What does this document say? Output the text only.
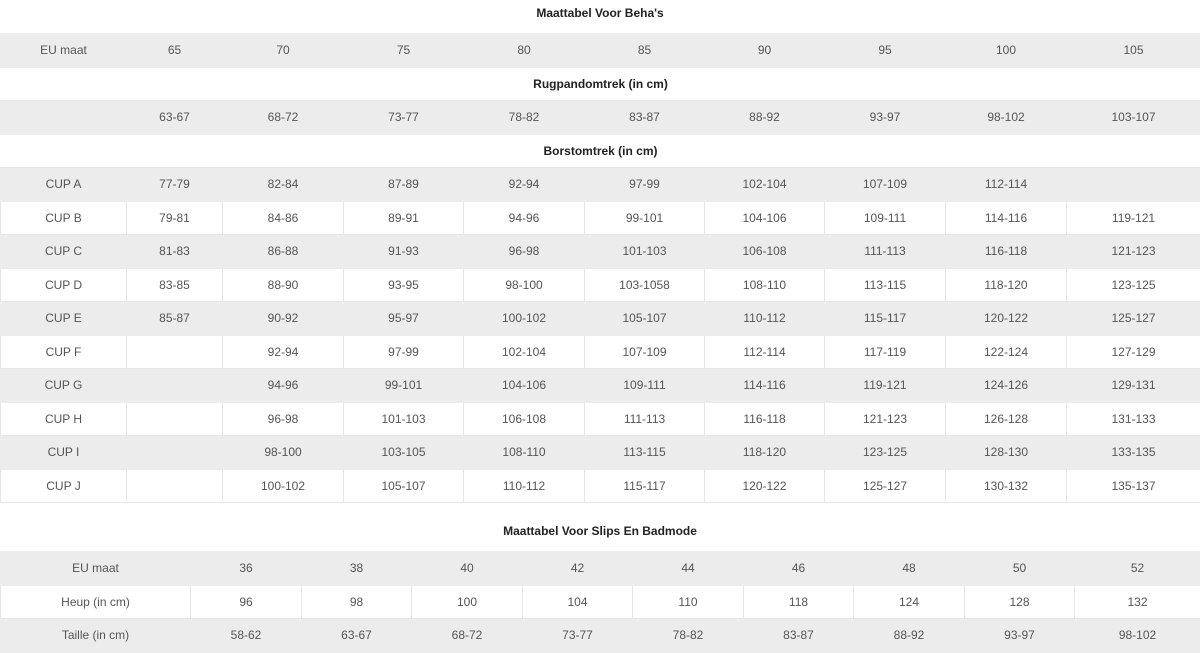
Maattabel Voor Beha's
EU maat	65	70	75	80	85	90	95	100	105
Rugpandomtrek (in cm)									
	63-67	68-72	73-77	78-82	83-87	88-92	93-97	98-102	103-107
Borstomtrek (in cm)									
CUP A	77-79	82-84	87-89	92-94	97-99	102-104	107-109	112-114	
CUP B	79-81	84-86	89-91	94-96	99-101	104-106	109-111	114-116	119-121
CUP C	81-83	86-88	91-93	96-98	101-103	106-108	111-113	116-118	121-123
CUP D	83-85	88-90	93-95	98-100	103-1058	108-110	113-115	118-120	123-125
CUP E	85-87	90-92	95-97	100-102	105-107	110-112	115-117	120-122	125-127
CUP F		92-94	97-99	102-104	107-109	112-114	117-119	122-124	127-129
CUP G		94-96	99-101	104-106	109-111	114-116	119-121	124-126	129-131
CUP H		96-98	101-103	106-108	111-113	116-118	121-123	126-128	131-133
CUP I		98-100	103-105	108-110	113-115	118-120	123-125	128-130	133-135
CUP J		100-102	105-107	110-112	115-117	120-122	125-127	130-132	135-137
Maattabel Voor Slips En Badmode
EU maat	36	38	40	42	44	46	48	50	52
Heup (in cm)	96	98	100	104	110	118	124	128	132
Taille (in cm)	58-62	63-67	68-72	73-77	78-82	83-87	88-92	93-97	98-102
